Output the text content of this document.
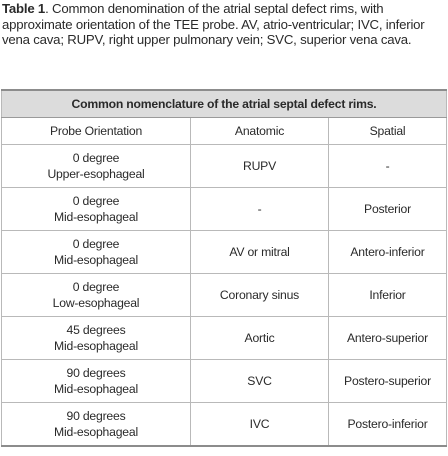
Table 1. Common denomination of the atrial septal defect rims, with approximate orientation of the TEE probe. AV, atrio-ventricular; IVC, inferior vena cava; RUPV, right upper pulmonary vein; SVC, superior vena cava.
Common nomenclature of the atrial septal defect rims.		
Probe Orientation	Anatomic	Spatial

0 degree
Upper-esophageal	RUPV	-

0 degree
Mid-esophageal	-	Posterior

0 degree
Mid-esophageal	AV or mitral	Antero-inferior

0 degree
Low-esophageal	Coronary sinus	Inferior

45 degrees
Mid-esophageal	Aortic	Antero-superior

90 degrees
Mid-esophageal	SVC	Postero-superior

90 degrees
Mid-esophageal	IVC	Postero-inferior
